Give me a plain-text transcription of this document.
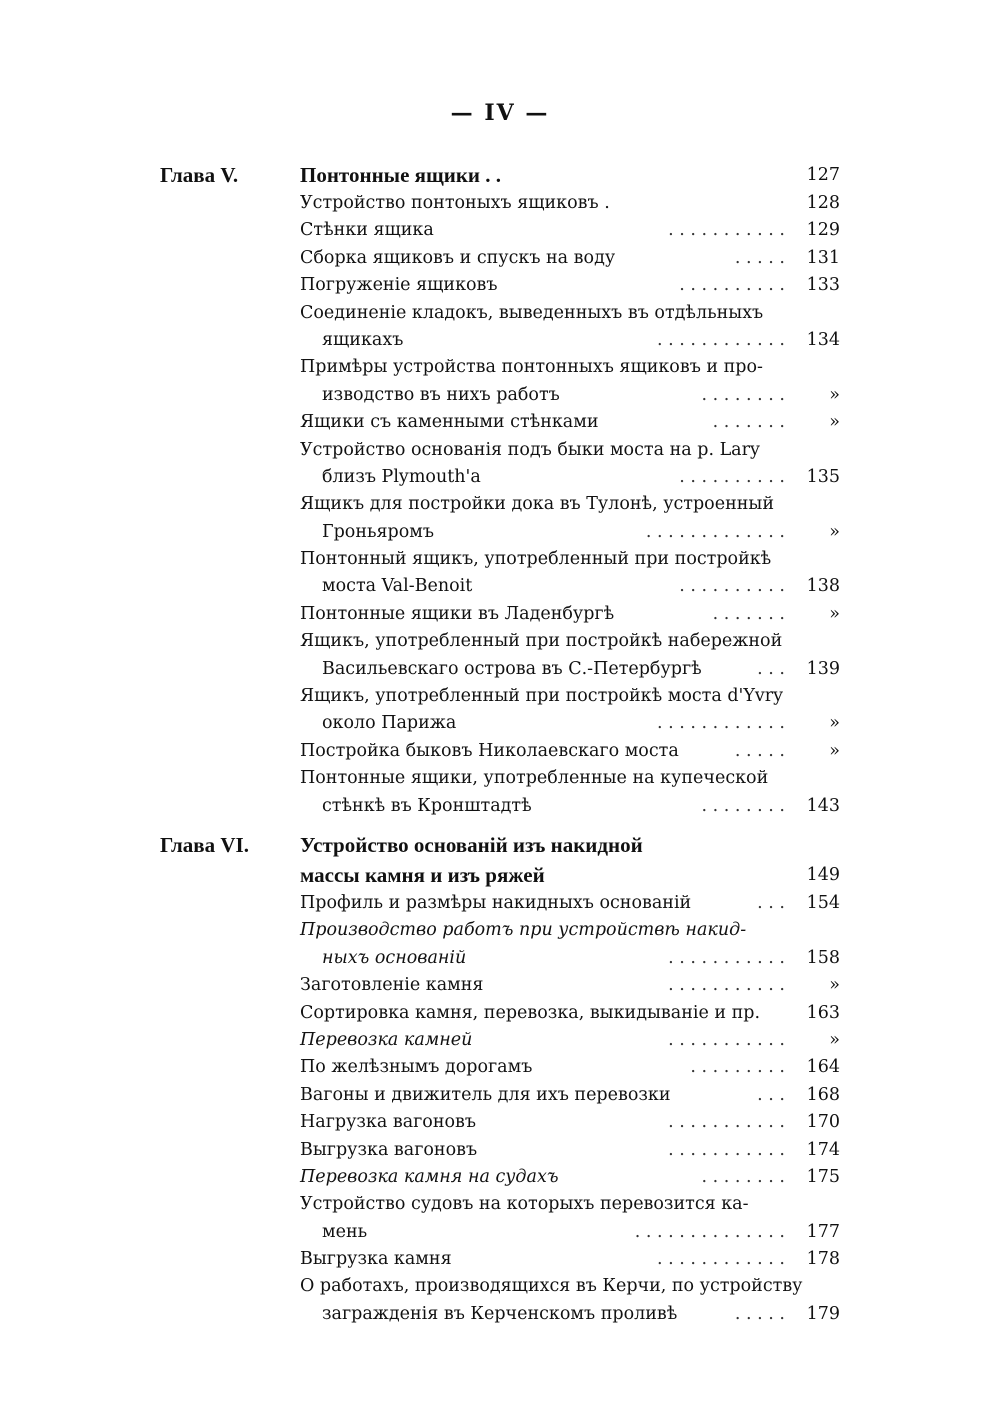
— IV —
Глава V.	Понтонные ящики . .	127
Устройство понтоныхъ ящиковъ .	128
Стѣнки ящика	. . . . . . . . . . .	129
Сборка ящиковъ и спускъ на воду	. . . . .	131
Погруженіе ящиковъ	. . . . . . . . . .	133
Соединеніе кладокъ, выведенныхъ въ отдѣльныхъ
ящикахъ	. . . . . . . . . . . .	134
Примѣры устройства понтонныхъ ящиковъ и про-
изводство въ нихъ работъ	. . . . . . . .	»
Ящики съ каменными стѣнками	. . . . . . .	»
Устройство основанія подъ быки моста на р. Lary
близъ Plymouth'a	. . . . . . . . . .	135
Ящикъ для постройки дока въ Тулонѣ, устроенный
Гроньяромъ	. . . . . . . . . . . . .	»
Понтонный ящикъ, употребленный при постройкѣ
моста Val-Benoit	. . . . . . . . . .	138
Понтонные ящики въ Ладенбургѣ	. . . . . . .	»
Ящикъ, употребленный при постройкѣ набережной
Васильевскаго острова въ С.-Петербургѣ	. . .	139
Ящикъ, употребленный при постройкѣ моста d'Yvry
около Парижа	. . . . . . . . . . . .	»
Постройка быковъ Николаевскаго моста	. . . . .	»
Понтонные ящики, употребленные на купеческой
стѣнкѣ въ Кронштадтѣ	. . . . . . . .	143
Глава VI. Устройство основаній изъ накидной
массы камня и изъ ряжей	149
Профиль и размѣры накидныхъ основаній	. . .	154
Производство работъ при устройствѣ накид-
ныхъ основаній	. . . . . . . . . . .	158
Заготовленіе камня	. . . . . . . . . . .	»
Сортировка камня, перевозка, выкидываніе и пр.	163
Перевозка камней	. . . . . . . . . . .	»
По желѣзнымъ дорогамъ	. . . . . . . . .	164
Вагоны и движитель для ихъ перевозки	. . .	168
Нагрузка вагоновъ	. . . . . . . . . . .	170
Выгрузка вагоновъ	. . . . . . . . . . .	174
Перевозка камня на судахъ	. . . . . . . .	175
Устройство судовъ на которыхъ перевозится ка-
мень	. . . . . . . . . . . . . .	177
Выгрузка камня	. . . . . . . . . . . .	178
О работахъ, производящихся въ Керчи, по устройству
загражденія въ Керченскомъ проливѣ	. . . . .	179
